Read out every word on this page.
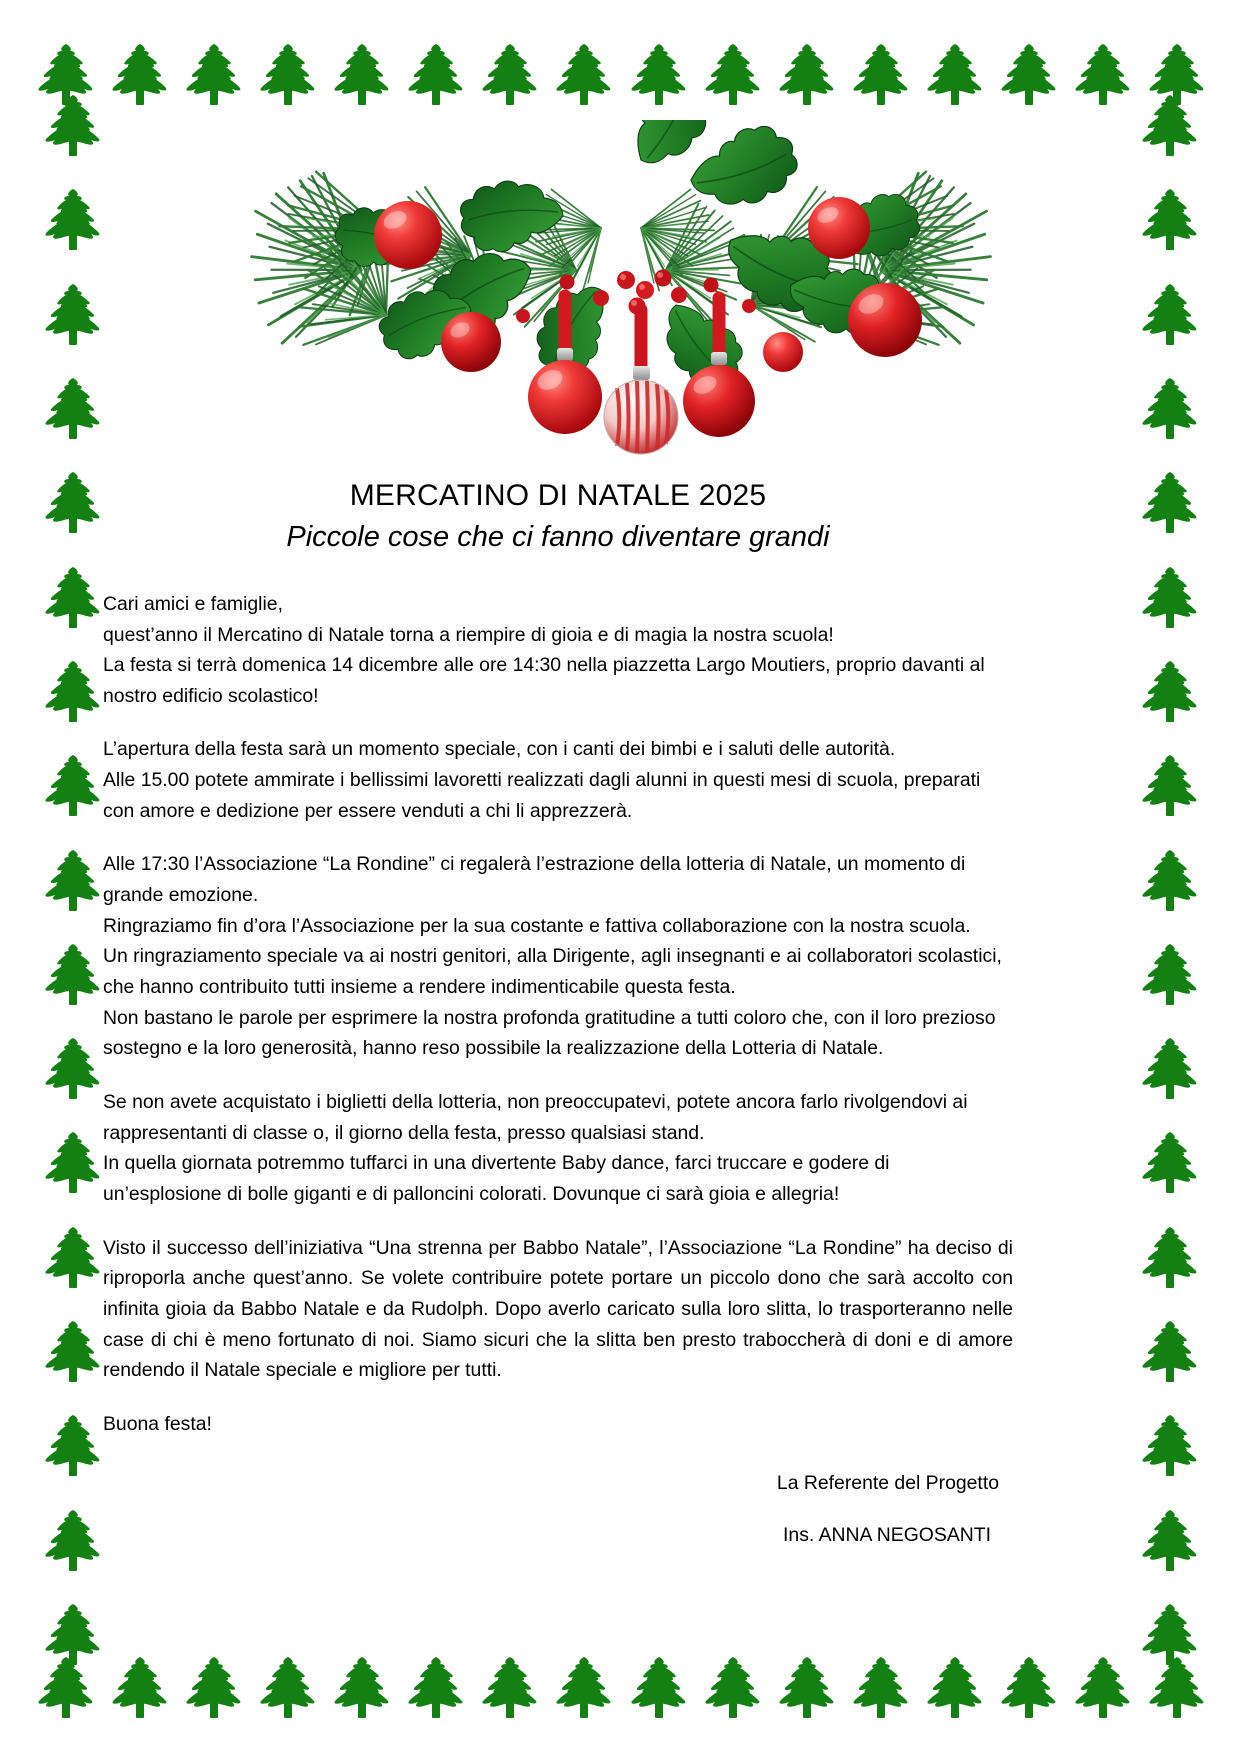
MERCATINO DI NATALE 2025
Piccole cose che ci fanno diventare grandi

Cari amici e famiglie,
quest’anno il Mercatino di Natale torna a riempire di gioia e di magia la nostra scuola!
La festa si terrà domenica 14 dicembre alle ore 14:30 nella piazzetta Largo Moutiers, proprio davanti al nostro edificio scolastico!

L’apertura della festa sarà un momento speciale, con i canti dei bimbi e i saluti delle autorità.
Alle 15.00 potete ammirate i bellissimi lavoretti realizzati dagli alunni in questi mesi di scuola, preparati con amore e dedizione per essere venduti a chi li apprezzerà.

Alle 17:30 l’Associazione “La Rondine” ci regalerà l’estrazione della lotteria di Natale, un momento di grande emozione.
Ringraziamo fin d’ora l’Associazione per la sua costante e fattiva collaborazione con la nostra scuola.
Un ringraziamento speciale va ai nostri genitori, alla Dirigente, agli insegnanti e ai collaboratori scolastici, che hanno contribuito tutti insieme a rendere indimenticabile questa festa.
Non bastano le parole per esprimere la nostra profonda gratitudine a tutti coloro che, con il loro prezioso sostegno e la loro generosità, hanno reso possibile la realizzazione della Lotteria di Natale.

Se non avete acquistato i biglietti della lotteria, non preoccupatevi, potete ancora farlo rivolgendovi ai rappresentanti di classe o, il giorno della festa, presso qualsiasi stand.
In quella giornata potremmo tuffarci in una divertente Baby dance, farci truccare e godere di un’esplosione di bolle giganti e di palloncini colorati. Dovunque ci sarà gioia e allegria!

Visto il successo dell’iniziativa “Una strenna per Babbo Natale”, l’Associazione “La Rondine” ha deciso di riproporla anche quest’anno. Se volete contribuire potete portare un piccolo dono che sarà accolto con infinita gioia da Babbo Natale e da Rudolph. Dopo averlo caricato sulla loro slitta, lo trasporteranno nelle case di chi è meno fortunato di noi. Siamo sicuri che la slitta ben presto traboccherà di doni e di amore rendendo il Natale speciale e migliore per tutti.

Buona festa!

La Referente del Progetto
Ins. ANNA NEGOSANTI
